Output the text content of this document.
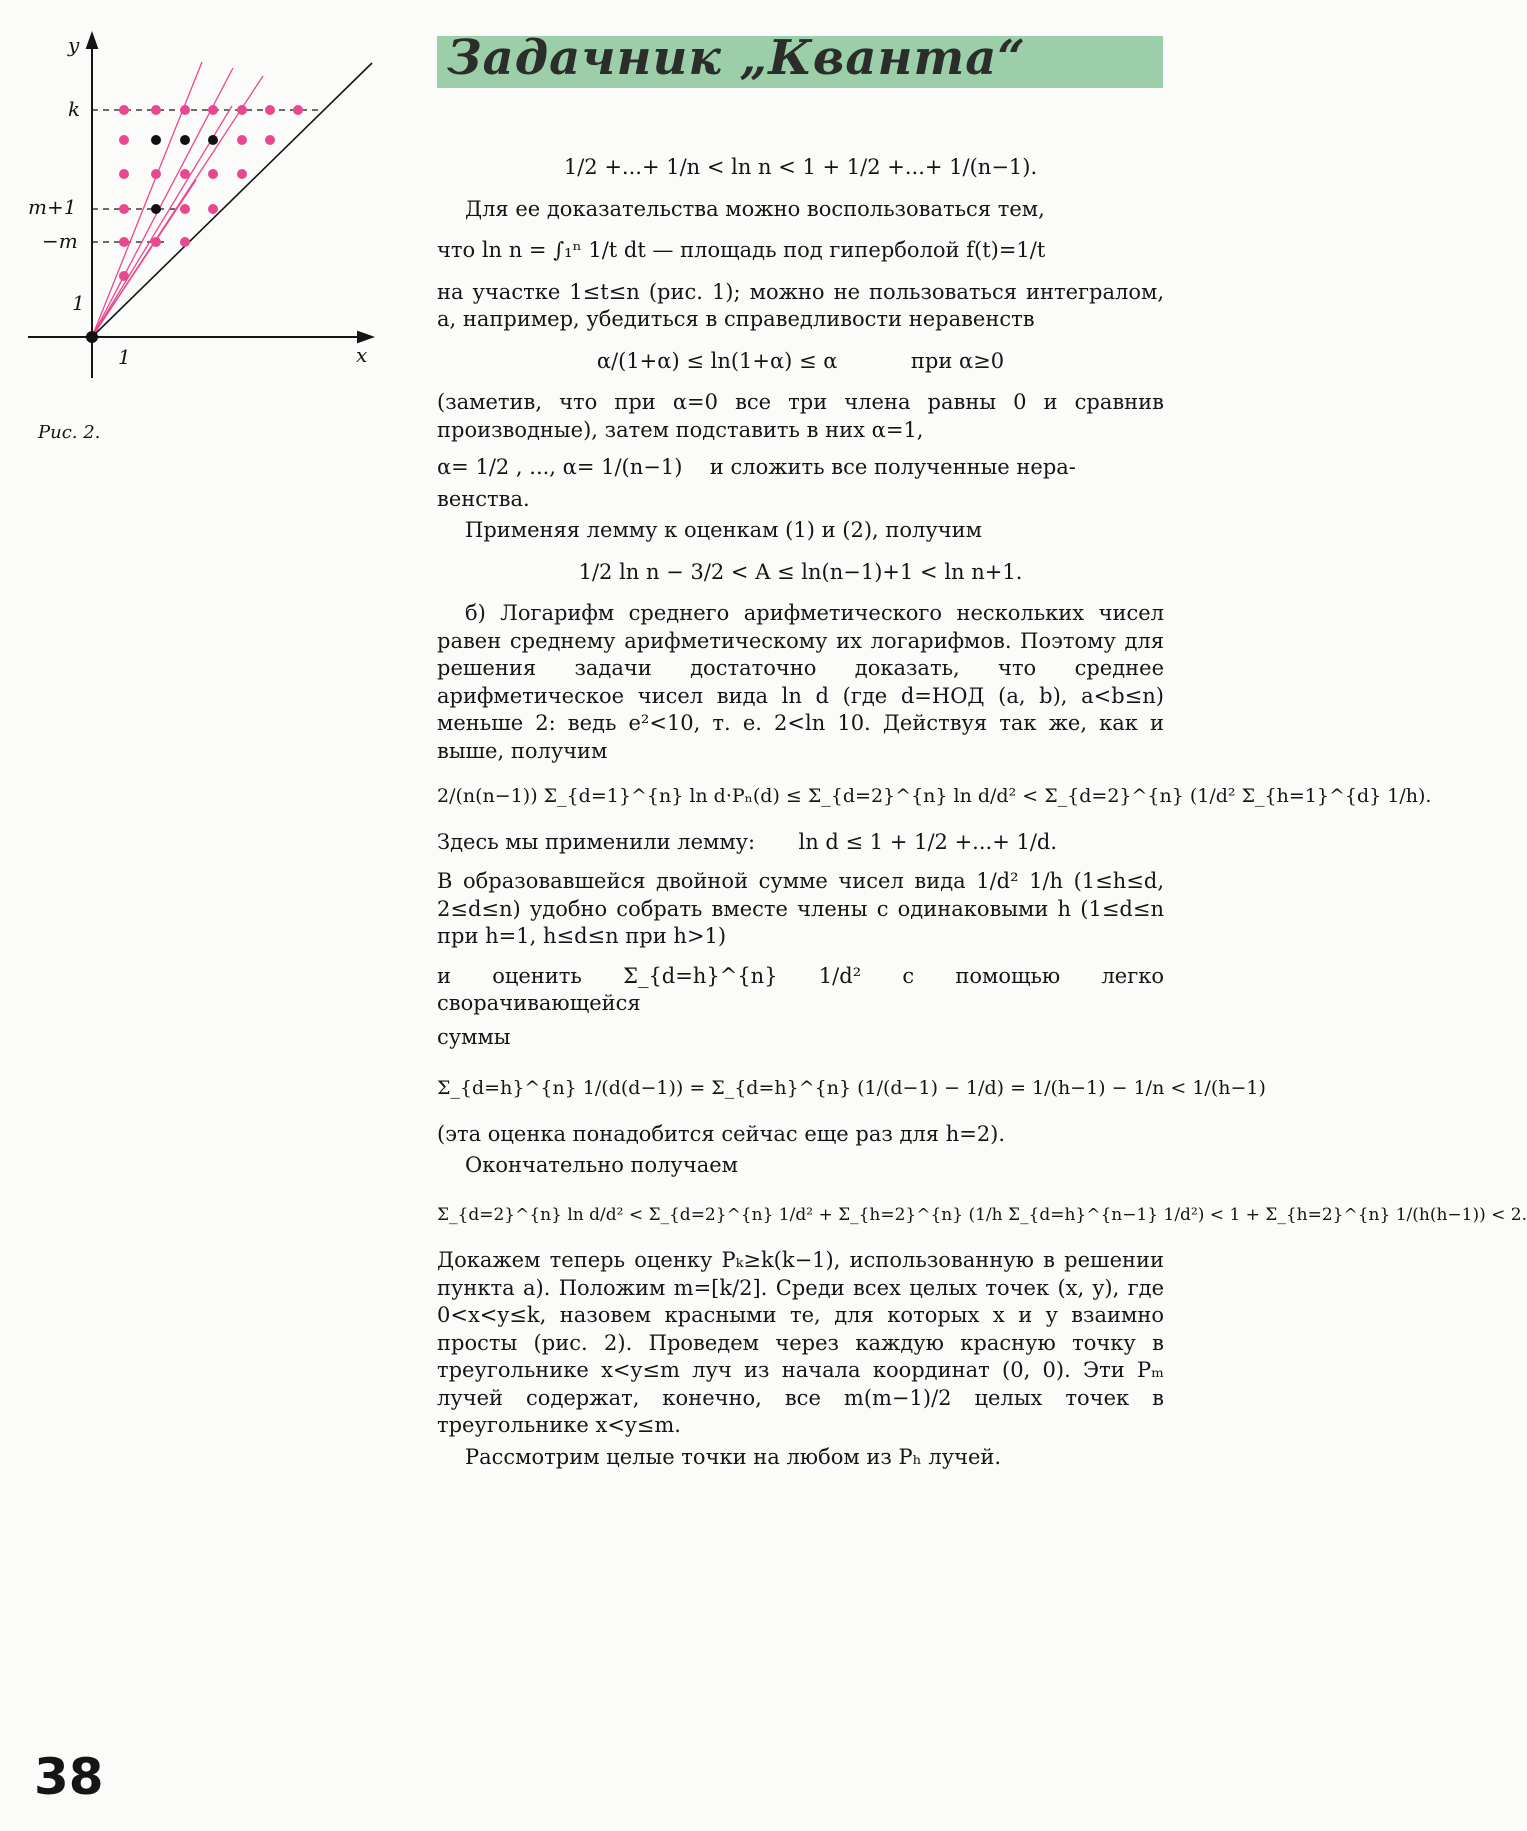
y
k
m+1
−m
1
1	x
Рис. 2.
Задачник „Кванта“
1/2 +...+ 1/n < ln n < 1 + 1/2 +...+ 1/(n−1).

Для ее доказательства можно воспользоваться тем,

что ln n = ∫₁ⁿ 1/t dt — площадь под гиперболой f(t)=1/t

на участке 1≤t≤n (рис. 1); можно не пользоваться интегралом, а, например, убедиться в справедливости неравенств

α/(1+α) ≤ ln(1+α) ≤ α	при α≥0

(заметив, что при α=0 все три члена равны 0 и сравнив производные), затем подставить в них α=1,

α= 1/2 , ..., α= 1/(n−1) и сложить все полученные нера-

венства.

Применяя лемму к оценкам (1) и (2), получим

1/2 ln n − 3/2 < A ≤ ln(n−1)+1 < ln n+1.

б) Логарифм среднего арифметического нескольких чисел равен среднему арифметическому их логарифмов. Поэтому для решения задачи достаточно доказать, что среднее арифметическое чисел вида ln d (где d=НОД (a, b), a<b≤n) меньше 2: ведь e²<10, т. е. 2<ln 10. Действуя так же, как и выше, получим

2/(n(n−1)) Σ_{d=1}^{n} ln d·Pₙ(d) ≤ Σ_{d=2}^{n} ln d/d² < Σ_{d=2}^{n} (1/d² Σ_{h=1}^{d} 1/h).

Здесь мы применили лемму: ln d ≤ 1 + 1/2 +...+ 1/d.

В образовавшейся двойной сумме чисел вида 1/d² 1/h (1≤h≤d, 2≤d≤n) удобно собрать вместе члены с одинаковыми h (1≤d≤n при h=1, h≤d≤n при h>1)

и оценить Σ_{d=h}^{n} 1/d² с помощью легко сворачивающейся

суммы

Σ_{d=h}^{n} 1/(d(d−1)) = Σ_{d=h}^{n} (1/(d−1) − 1/d) = 1/(h−1) − 1/n < 1/(h−1)

(эта оценка понадобится сейчас еще раз для h=2).

Окончательно получаем

Σ_{d=2}^{n} ln d/d² < Σ_{d=2}^{n} 1/d² + Σ_{h=2}^{n} (1/h Σ_{d=h}^{n−1} 1/d²) < 1 + Σ_{h=2}^{n} 1/(h(h−1)) < 2.

Докажем теперь оценку Pₖ≥k(k−1), использованную в решении пункта а). Положим m=[k/2]. Среди всех целых точек (x, y), где 0<x<y≤k, назовем красными те, для которых x и y взаимно просты (рис. 2). Проведем через каждую красную точку в треугольнике x<y≤m луч из начала координат (0, 0). Эти Pₘ лучей содержат, конечно, все m(m−1)/2 целых точек в треугольнике x<y≤m.

Рассмотрим целые точки на любом из Pₕ лучей.

38
